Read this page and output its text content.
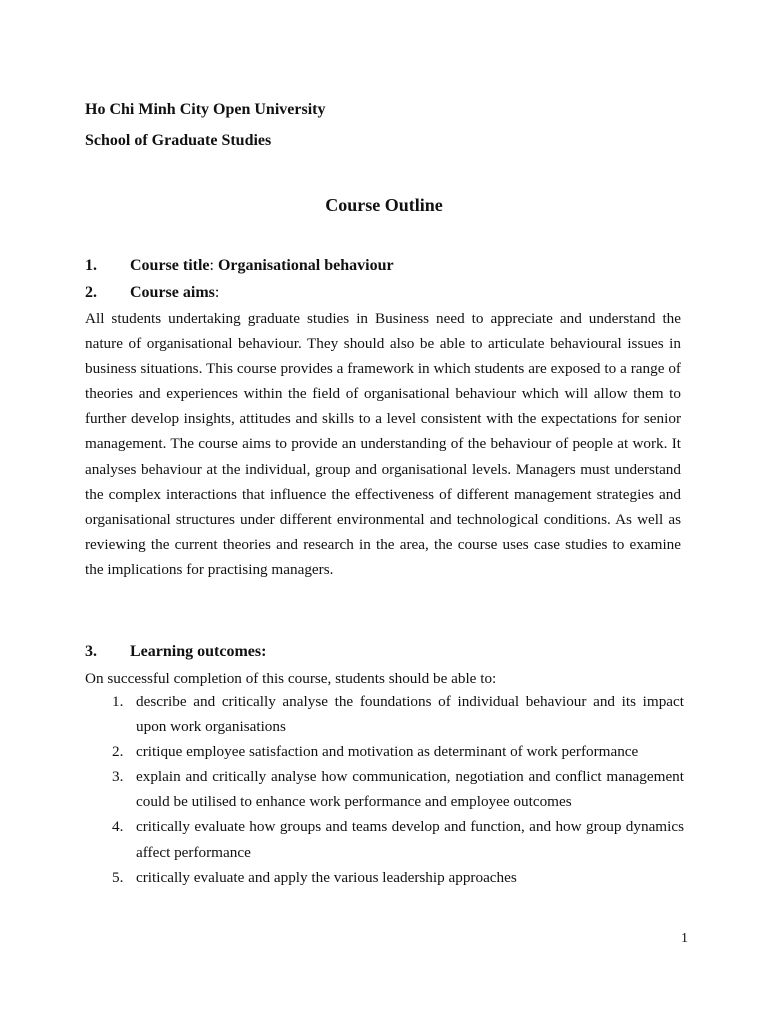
Ho Chi Minh City Open University
School of Graduate Studies
Course Outline
1. Course title: Organisational behaviour
2. Course aims:

All students undertaking graduate studies in Business need to appreciate and understand the nature of organisational behaviour. They should also be able to articulate behavioural issues in business situations. This course provides a framework in which students are exposed to a range of theories and experiences within the field of organisational behaviour which will allow them to further develop insights, attitudes and skills to a level consistent with the expectations for senior management. The course aims to provide an understanding of the behaviour of people at work. It analyses behaviour at the individual, group and organisational levels. Managers must understand the complex interactions that influence the effectiveness of different management strategies and organisational structures under different environmental and technological conditions. As well as reviewing the current theories and research in the area, the course uses case studies to examine the implications for practising managers.

3. Learning outcomes:

On successful completion of this course, students should be able to:

1. describe and critically analyse the foundations of individual behaviour and its impact upon work organisations
2. critique employee satisfaction and motivation as determinant of work performance
3. explain and critically analyse how communication, negotiation and conflict management could be utilised to enhance work performance and employee outcomes
4. critically evaluate how groups and teams develop and function, and how group dynamics affect performance
5. critically evaluate and apply the various leadership approaches
1
